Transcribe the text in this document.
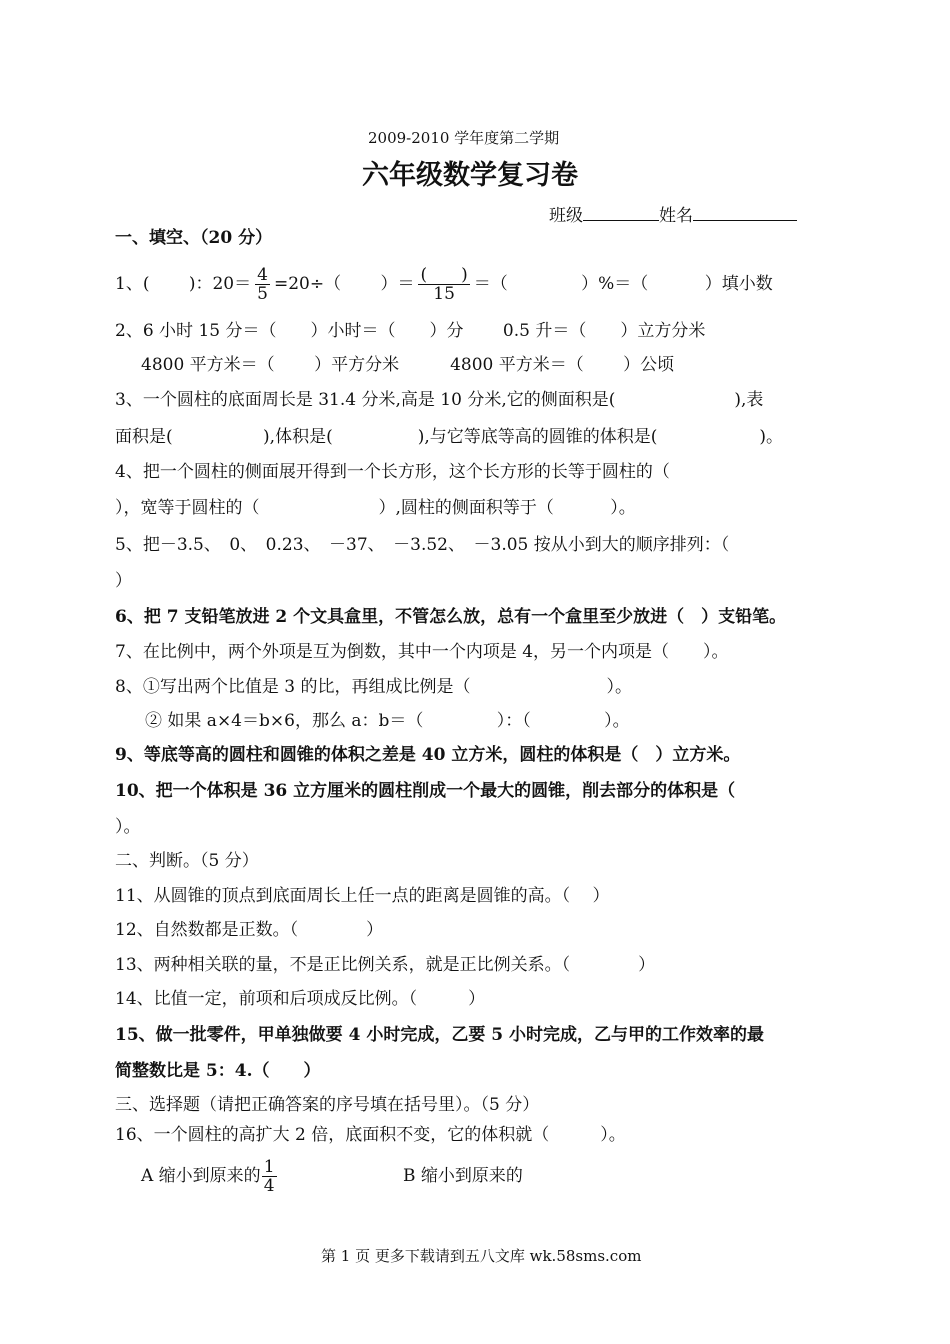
2009-2010 学年度第二学期
六年级数学复习卷
班级	姓名
一、填空、（20 分）
1、(　　 )：$20= \frac{4}{5} =20\div$（　　 ）＝ $\frac{( )}{15}$ ＝（　　　　 ）%＝（　　　 ）填小数
2、6 小时 15 分＝（　　）小时＝（　　）分　　 0.5 升＝（　　）立方分米
4800 平方米＝（　　 ）平方分米　　　4800 平方米＝（　　 ）公顷
3、一个圆柱的底面周长是 31.4 分米,高是 10 分米,它的侧面积是(　　　　　　　),表
面积是(　　　　　 ),体积是(　　　　　),与它等底等高的圆锥的体积是(　　　　　　)。
4、把一个圆柱的侧面展开得到一个长方形，这个长方形的长等于圆柱的（
），宽等于圆柱的（　　　　　　　）,圆柱的侧面积等于（　　　 ）。
5、把－3.5、　0、　0.23、　－37、　－3.52、　－3.05 按从小到大的顺序排列：（
）
6、把 7 支铅笔放进 2 个文具盒里，不管怎么放，总有一个盒里至少放进（　）支铅笔。
7、在比例中，两个外项是互为倒数，其中一个内项是 4，另一个内项是（　　）。
8、①写出两个比值是 3 的比，再组成比例是（　　　　　　　　）。
② 如果 a×4＝b×6，那么 a：b＝（　　　　 ）：（　　　　 ）。
9、等底等高的圆柱和圆锥的体积之差是 40 立方米，圆柱的体积是（　）立方米。
10、把一个体积是 36 立方厘米的圆柱削成一个最大的圆锥，削去部分的体积是（
）。
二、判断。（5 分）
11、从圆锥的顶点到底面周长上任一点的距离是圆锥的高。（　 ）
12、自然数都是正数。（　　　　）
13、两种相关联的量，不是正比例关系，就是正比例关系。（　　　　）
14、比值一定，前项和后项成反比例。（　　　）
15、做一批零件，甲单独做要 4 小时完成，乙要 5 小时完成，乙与甲的工作效率的最
简整数比是 5：4.（　　）
三、选择题（请把正确答案的序号填在括号里）。（5 分）
16、一个圆柱的高扩大 2 倍，底面积不变，它的体积就（　　　）。
A 缩小到原来的 $\frac{1}{4}$	B 缩小到原来的
第 1 页 更多下载请到五八文库 wk.58sms.com
